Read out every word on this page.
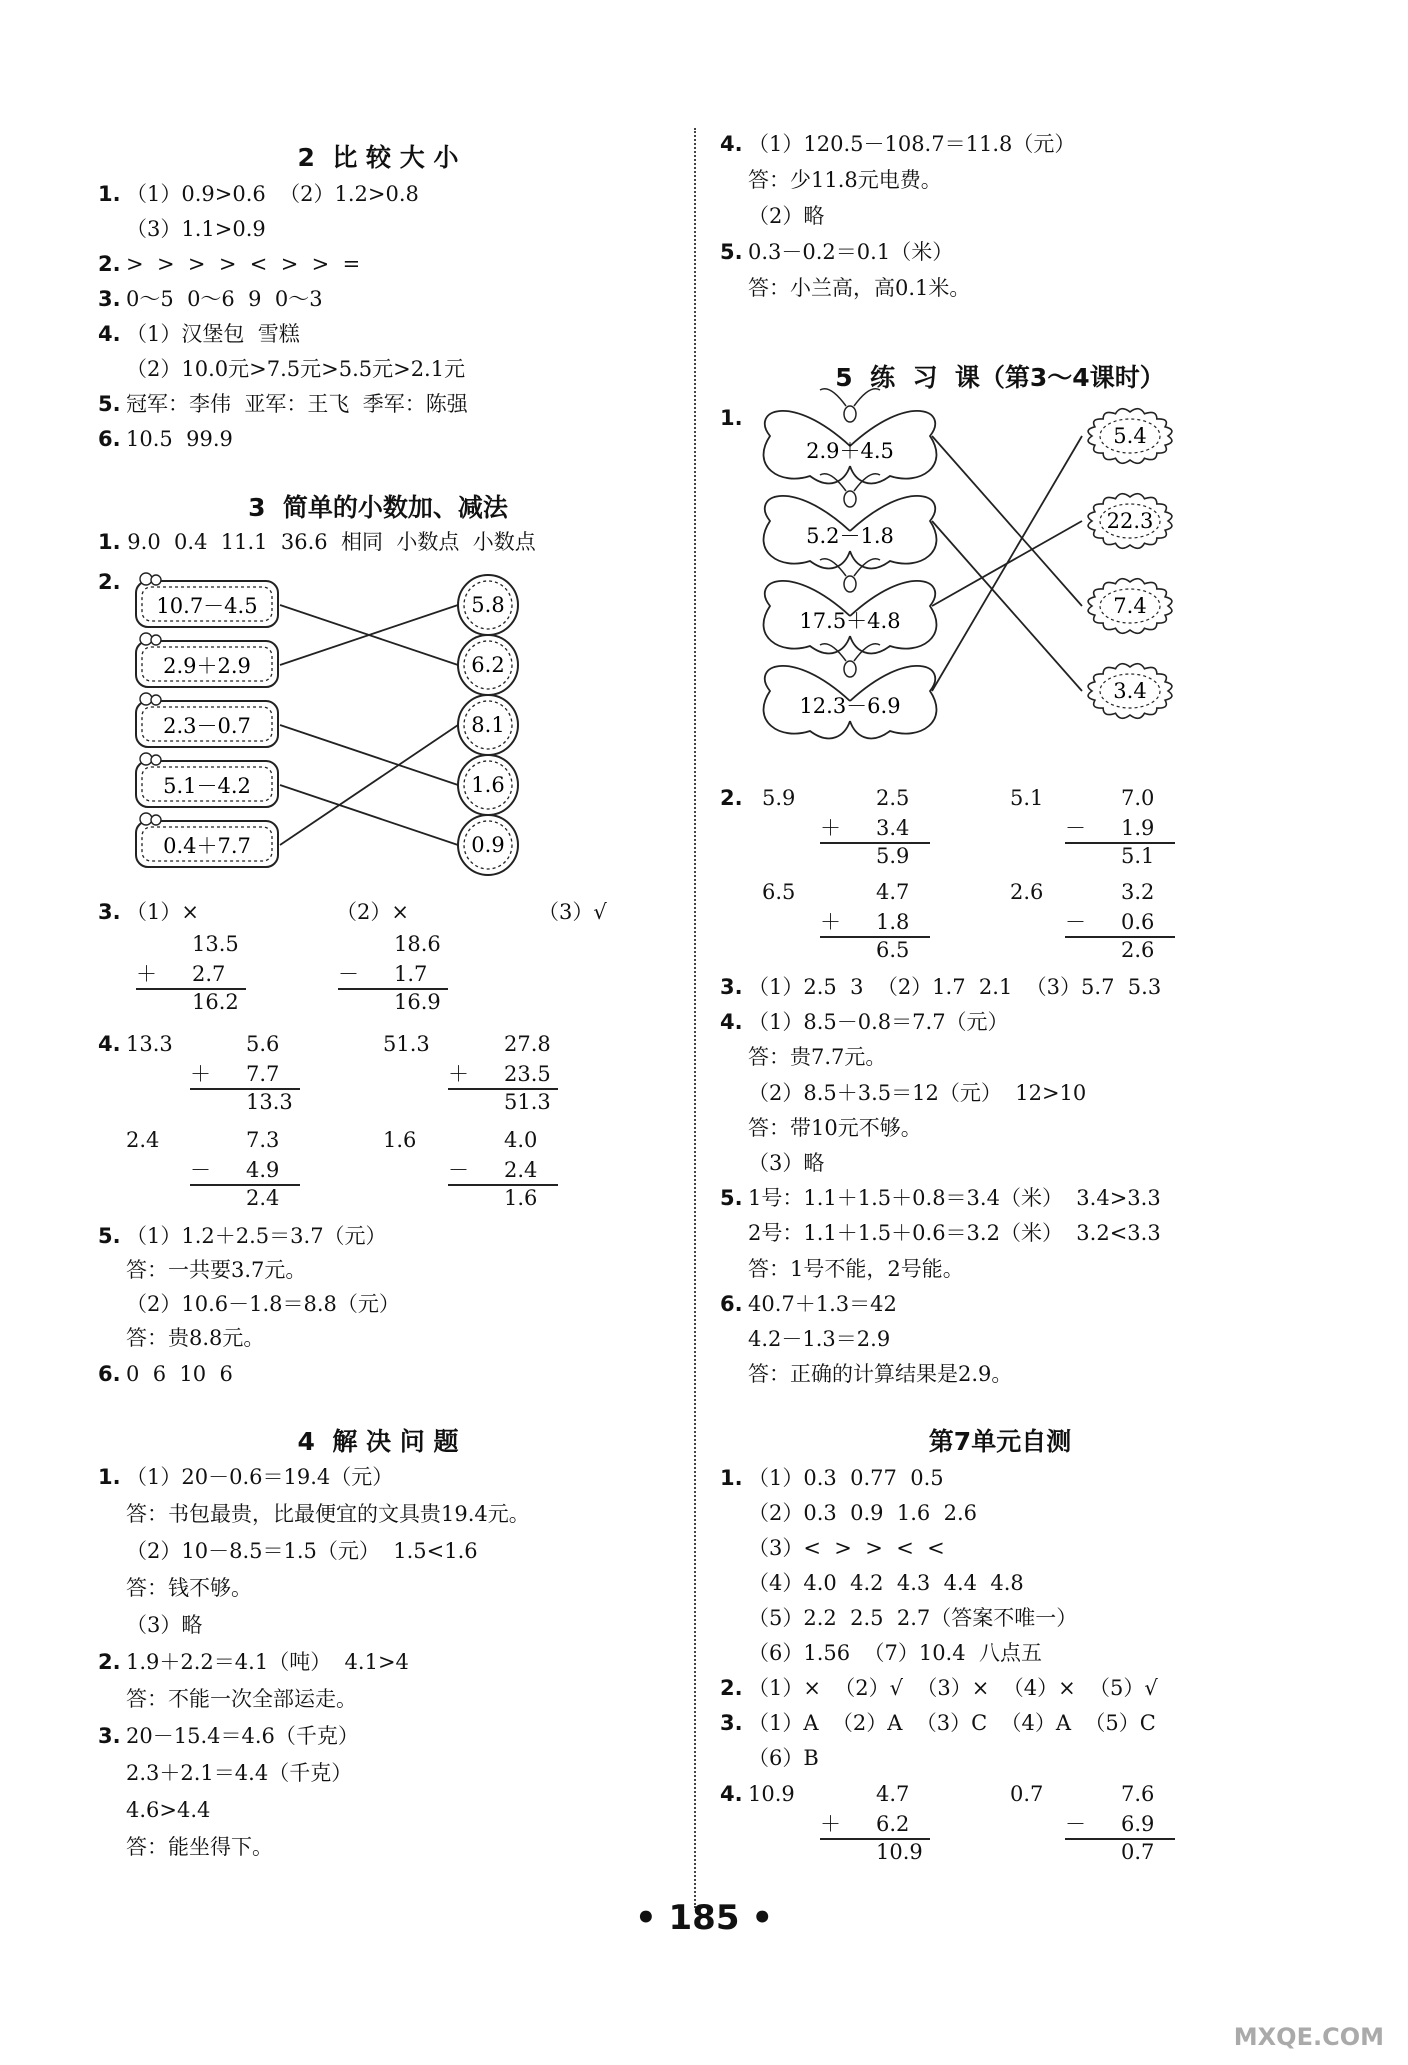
2  比 较 大 小
1. （1）0.9>0.6  （2）1.2>0.8
（3）1.1>0.9
2. >  >  >  >  <  >  >  =
3. 0～5  0～6  9  0～3
4. （1）汉堡包  雪糕
（2）10.0元>7.5元>5.5元>2.1元
5. 冠军：李伟  亚军：王飞  季军：陈强
6. 10.5  99.9
3  简单的小数加、减法
1. 9.0  0.4  11.1  36.6  相同  小数点  小数点
2.
10.7－4.5
2.9＋2.9
2.3－0.7
5.1－4.2
0.4＋7.7
5.8
6.2
8.1
1.6
0.9
3. （1）×	（2）×	（3）√
13.5
＋ 2.7
16.2
18.6
－ 1.7
16.9
4. 13.3	5.6
＋ 7.7
13.3
51.3	27.8
＋ 23.5
51.3
2.4	7.3
－ 4.9
2.4
1.6	4.0
－ 2.4
1.6
5. （1）1.2＋2.5＝3.7（元）
答：一共要3.7元。
（2）10.6－1.8＝8.8（元）
答：贵8.8元。
6. 0  6  10  6
4  解 决 问 题
1. （1）20－0.6＝19.4（元）
答：书包最贵，比最便宜的文具贵19.4元。
（2）10－8.5＝1.5（元）  1.5<1.6
答：钱不够。
（3）略
2. 1.9＋2.2＝4.1（吨）  4.1>4
答：不能一次全部运走。
3. 20－15.4＝4.6（千克）
2.3＋2.1＝4.4（千克）
4.6>4.4
答：能坐得下。
4. （1）120.5－108.7＝11.8（元）
答：少11.8元电费。
（2）略
5. 0.3－0.2＝0.1（米）
答：小兰高，高0.1米。
5  练  习  课（第3～4课时）
1.
2.9＋4.5
5.2－1.8
17.5＋4.8
12.3－6.9
5.4
22.3
7.4
3.4
2. 5.9	2.5
＋ 3.4
5.9
5.1	7.0
－ 1.9
5.1
6.5	4.7
＋ 1.8
6.5
2.6	3.2
－ 0.6
2.6
3. （1）2.5  3  （2）1.7  2.1  （3）5.7  5.3
4. （1）8.5－0.8＝7.7（元）
答：贵7.7元。
（2）8.5＋3.5＝12（元）  12>10
答：带10元不够。
（3）略
5. 1号：1.1＋1.5＋0.8＝3.4（米）  3.4>3.3
2号：1.1＋1.5＋0.6＝3.2（米）  3.2<3.3
答：1号不能，2号能。
6. 40.7＋1.3＝42
4.2－1.3＝2.9
答：正确的计算结果是2.9。
第7单元自测
1. （1）0.3  0.77  0.5
（2）0.3  0.9  1.6  2.6
（3）<  >  >  <  <
（4）4.0  4.2  4.3  4.4  4.8
（5）2.2  2.5  2.7（答案不唯一）
（6）1.56  （7）10.4  八点五
2. （1）×  （2）√  （3）×  （4）×  （5）√
3. （1）A  （2）A  （3）C  （4）A  （5）C
（6）B
4. 10.9	4.7
＋ 6.2
10.9
0.7	7.6
－ 6.9
0.7
• 185 •
MXQE.COM
